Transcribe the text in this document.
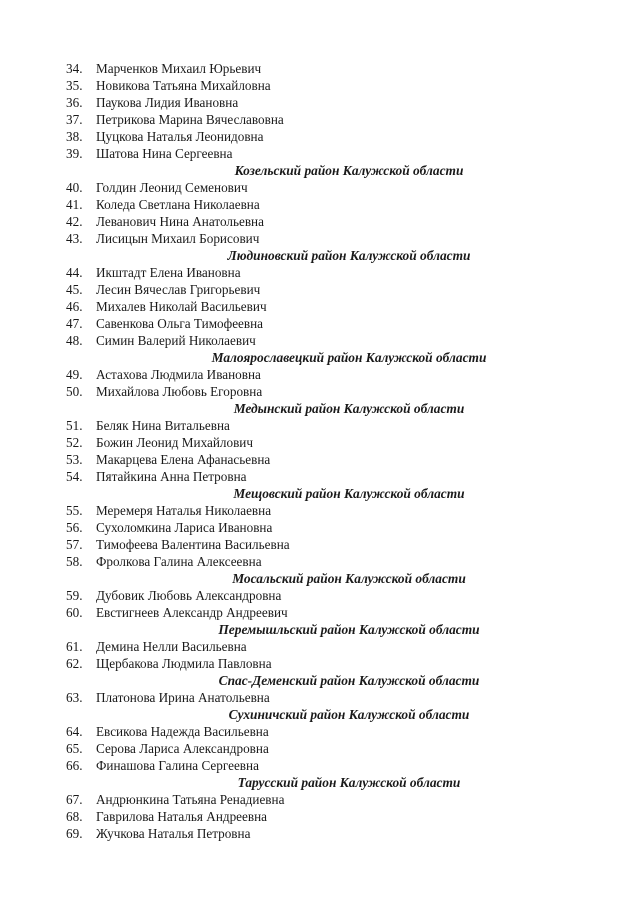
34. Марченков Михаил Юрьевич
35. Новикова Татьяна Михайловна
36. Паукова Лидия Ивановна
37. Петрикова Марина Вячеславовна
38. Цуцкова Наталья Леонидовна
39. Шатова Нина Сергеевна
Козельский район Калужской области
40. Голдин Леонид Семенович
41. Коледа Светлана Николаевна
42. Леванович Нина Анатольевна
43. Лисицын Михаил Борисович
Людиновский район Калужской области
44. Икштадт Елена Ивановна
45. Лесин Вячеслав Григорьевич
46. Михалев Николай Васильевич
47. Савенкова Ольга Тимофеевна
48. Симин Валерий Николаевич
Малоярославецкий район Калужской области
49. Астахова Людмила Ивановна
50. Михайлова Любовь Егоровна
Медынский район Калужской области
51. Беляк Нина Витальевна
52. Божин Леонид Михайлович
53. Макарцева Елена Афанасьевна
54. Пятайкина Анна Петровна
Мещовский район Калужской области
55. Меремеря Наталья Николаевна
56. Сухоломкина Лариса Ивановна
57. Тимофеева Валентина Васильевна
58. Фролкова Галина Алексеевна
Мосальский район Калужской области
59. Дубовик Любовь Александровна
60. Евстигнеев Александр Андреевич
Перемышльский район Калужской области
61. Демина Нелли Васильевна
62. Щербакова Людмила Павловна
Спас-Деменский район Калужской области
63. Платонова Ирина Анатольевна
Сухиничский район Калужской области
64. Евсикова Надежда Васильевна
65. Серова Лариса Александровна
66. Финашова Галина Сергеевна
Тарусский район Калужской области
67. Андрюнкина Татьяна Ренадиевна
68. Гаврилова Наталья Андреевна
69. Жучкова Наталья Петровна
